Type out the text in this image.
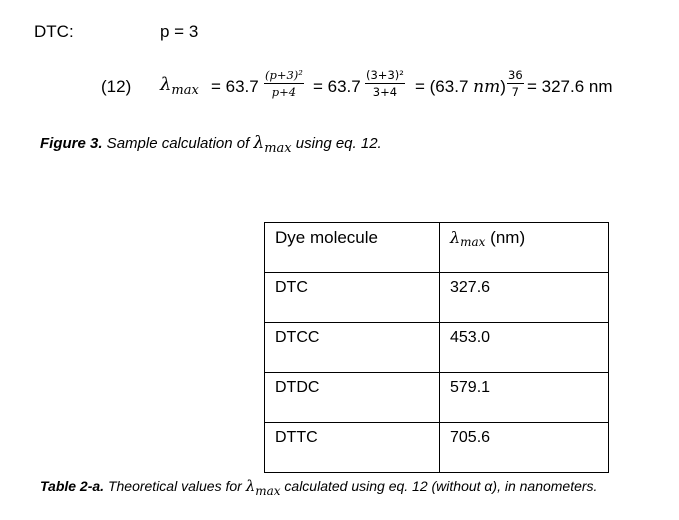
DTC:	p = 3
(12) $\lambda_{max} = 63.7 \frac{\text{(p+3)²}}{p+4} = 63.7 \frac{\text{(3+3)²}}{3+4} = (63.7$ $nm) \frac{36}{7} = 327.6$ nm
Figure 3. Sample calculation of λmax using eq. 12.
Dye molecule	λmax (nm)

DTC	327.6

DTCC	453.0

DTDC	579.1

DTTC	705.6
Table 2-a. Theoretical values for λmax calculated using eq. 12 (without α), in nanometers.
